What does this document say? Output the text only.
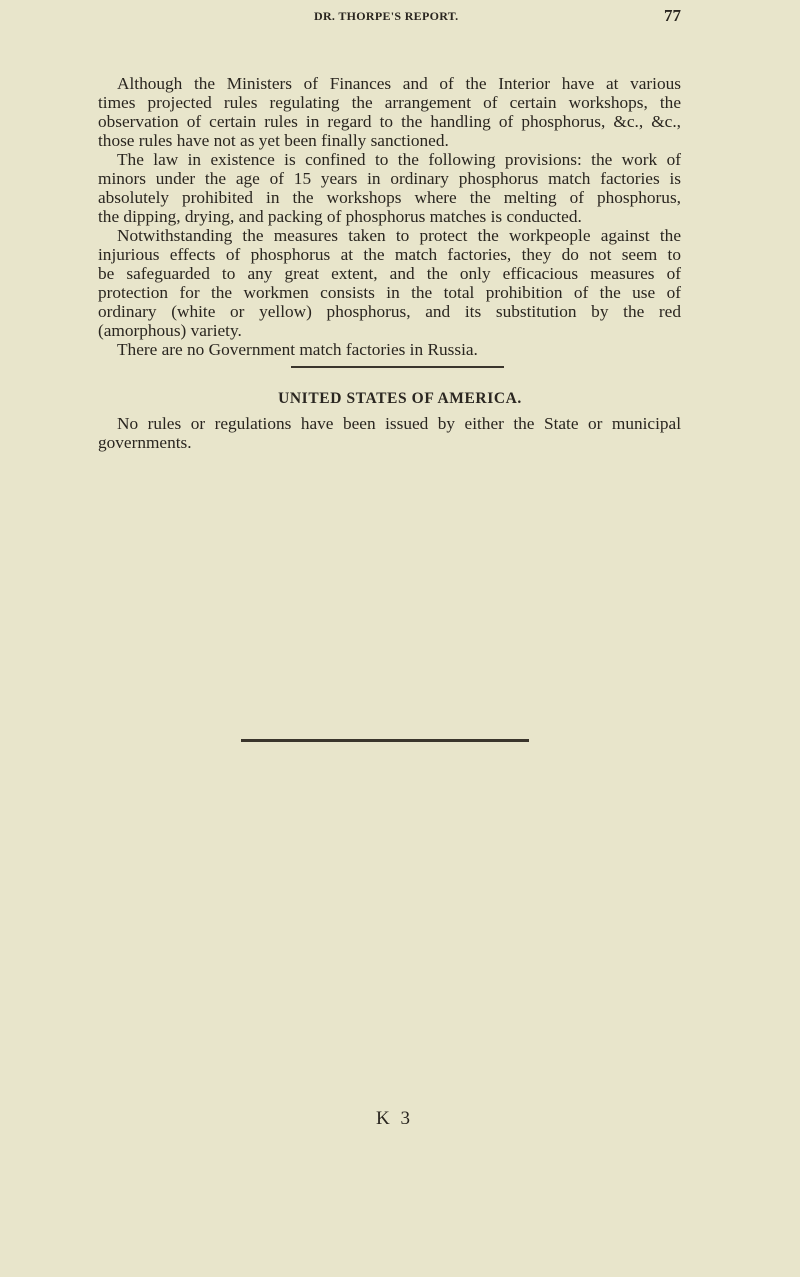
DR. THORPE'S REPORT.	77
Although the Ministers of Finances and of the Interior have at various
times projected rules regulating the arrangement of certain workshops, the
observation of certain rules in regard to the handling of phosphorus, &c., &c.,
those rules have not as yet been finally sanctioned.
The law in existence is confined to the following provisions: the work of
minors under the age of 15 years in ordinary phosphorus match factories is
absolutely prohibited in the workshops where the melting of phosphorus,
the dipping, drying, and packing of phosphorus matches is conducted.
Notwithstanding the measures taken to protect the workpeople against the
injurious effects of phosphorus at the match factories, they do not seem to
be safeguarded to any great extent, and the only efficacious measures of
protection for the workmen consists in the total prohibition of the use of
ordinary (white or yellow) phosphorus, and its substitution by the red
(amorphous) variety.
There are no Government match factories in Russia.
UNITED STATES OF AMERICA.
No rules or regulations have been issued by either the State or municipal
governments.
K 3
